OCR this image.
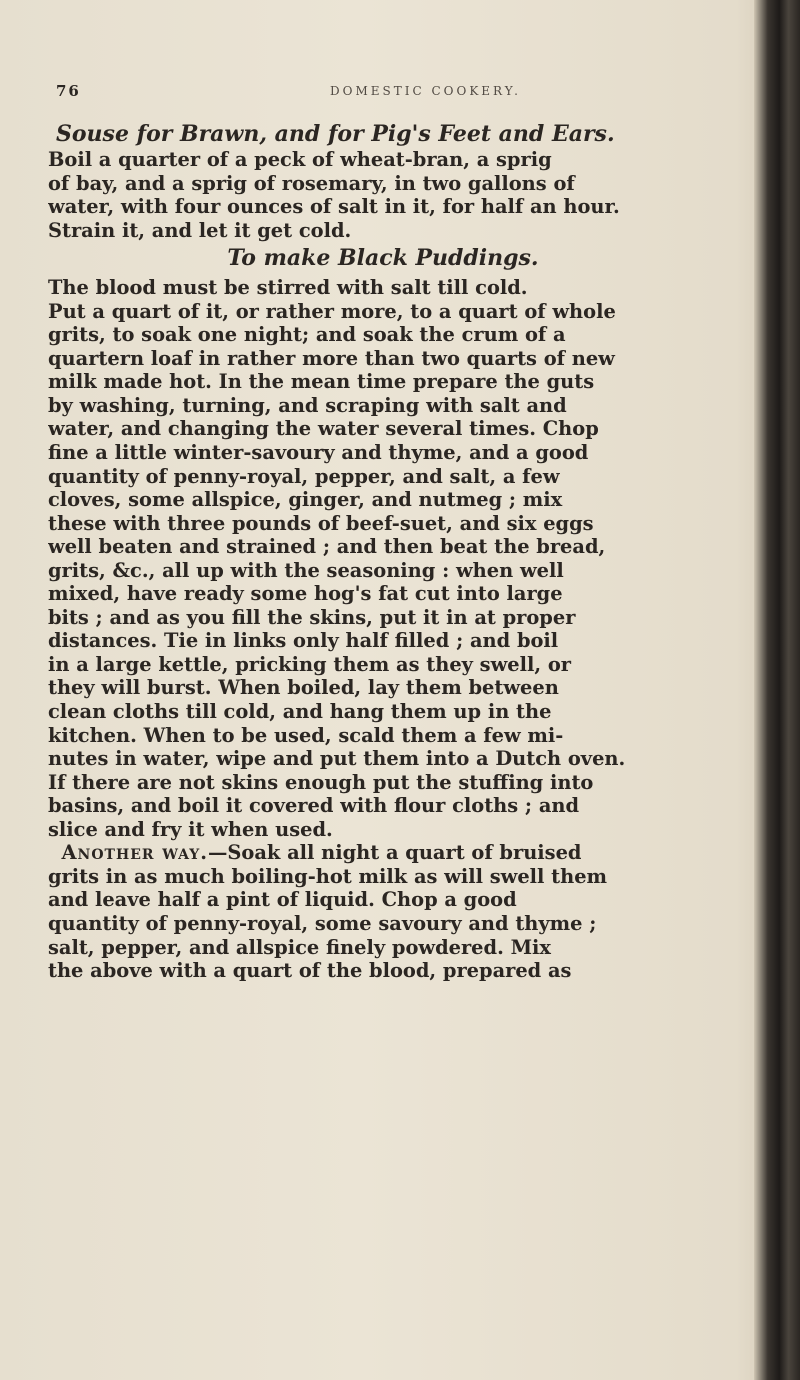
76	DOMESTIC COOKERY.

Souse for Brawn, and for Pig's Feet and Ears.

Boil a quarter of a peck of wheat-bran, a sprig
of bay, and a sprig of rosemary, in two gallons of
water, with four ounces of salt in it, for half an hour.
Strain it, and let it get cold.

To make Black Puddings.

The blood must be stirred with salt till cold.
Put a quart of it, or rather more, to a quart of whole
grits, to soak one night; and soak the crum of a
quartern loaf in rather more than two quarts of new
milk made hot. In the mean time prepare the guts
by washing, turning, and scraping with salt and
water, and changing the water several times. Chop
fine a little winter-savoury and thyme, and a good
quantity of penny-royal, pepper, and salt, a few
cloves, some allspice, ginger, and nutmeg ; mix
these with three pounds of beef-suet, and six eggs
well beaten and strained ; and then beat the bread,
grits, &c., all up with the seasoning : when well
mixed, have ready some hog's fat cut into large
bits ; and as you fill the skins, put it in at proper
distances. Tie in links only half filled ; and boil
in a large kettle, pricking them as they swell, or
they will burst. When boiled, lay them between
clean cloths till cold, and hang them up in the
kitchen. When to be used, scald them a few mi-
nutes in water, wipe and put them into a Dutch oven.
If there are not skins enough put the stuffing into
basins, and boil it covered with flour cloths ; and
slice and fry it when used.

Another way.—Soak all night a quart of bruised
grits in as much boiling-hot milk as will swell them
and leave half a pint of liquid. Chop a good
quantity of penny-royal, some savoury and thyme ;
salt, pepper, and allspice finely powdered. Mix
the above with a quart of the blood, prepared as
